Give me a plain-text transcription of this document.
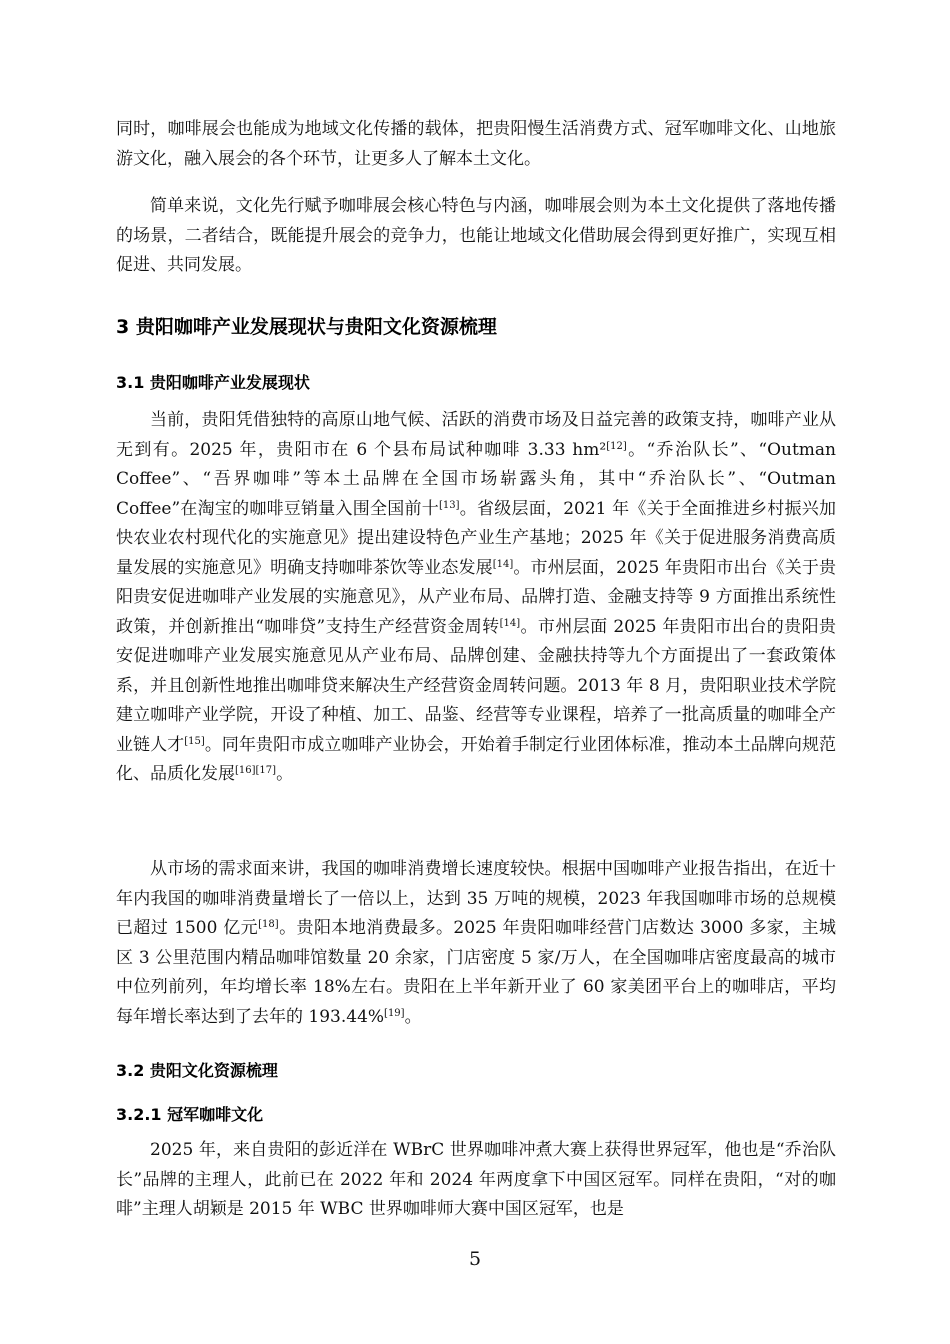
同时，咖啡展会也能成为地域文化传播的载体，把贵阳慢生活消费方式、冠军咖啡文化、山地旅游文化，融入展会的各个环节，让更多人了解本土文化。

简单来说，文化先行赋予咖啡展会核心特色与内涵，咖啡展会则为本土文化提供了落地传播的场景，二者结合，既能提升展会的竞争力，也能让地域文化借助展会得到更好推广，实现互相促进、共同发展。

3 贵阳咖啡产业发展现状与贵阳文化资源梳理
3.1 贵阳咖啡产业发展现状

当前，贵阳凭借独特的高原山地气候、活跃的消费市场及日益完善的政策支持，咖啡产业从无到有。2025 年，贵阳市在 6 个县布局试种咖啡 3.33 hm²[12]。“乔治队长”、“Outman Coffee”、“吾界咖啡”等本土品牌在全国市场崭露头角，其中“乔治队长”、“Outman Coffee”在淘宝的咖啡豆销量入围全国前十[13]。省级层面，2021 年《关于全面推进乡村振兴加快农业农村现代化的实施意见》提出建设特色产业生产基地；2025 年《关于促进服务消费高质量发展的实施意见》明确支持咖啡茶饮等业态发展[14]。市州层面，2025 年贵阳市出台《关于贵阳贵安促进咖啡产业发展的实施意见》，从产业布局、品牌打造、金融支持等 9 方面推出系统性政策，并创新推出“咖啡贷”支持生产经营资金周转[14]。市州层面 2025 年贵阳市出台的贵阳贵安促进咖啡产业发展实施意见从产业布局、品牌创建、金融扶持等九个方面提出了一套政策体系，并且创新性地推出咖啡贷来解决生产经营资金周转问题。2013 年 8 月，贵阳职业技术学院建立咖啡产业学院，开设了种植、加工、品鉴、经营等专业课程，培养了一批高质量的咖啡全产业链人才[15]。同年贵阳市成立咖啡产业协会，开始着手制定行业团体标准，推动本土品牌向规范化、品质化发展[16][17]。

从市场的需求面来讲，我国的咖啡消费增长速度较快。根据中国咖啡产业报告指出，在近十年内我国的咖啡消费量增长了一倍以上，达到 35 万吨的规模，2023 年我国咖啡市场的总规模已超过 1500 亿元[18]。贵阳本地消费最多。2025 年贵阳咖啡经营门店数达 3000 多家，主城区 3 公里范围内精品咖啡馆数量 20 余家，门店密度 5 家/万人，在全国咖啡店密度最高的城市中位列前列，年均增长率 18%左右。贵阳在上半年新开业了 60 家美团平台上的咖啡店，平均每年增长率达到了去年的 193.44%[19]。

3.2 贵阳文化资源梳理
3.2.1 冠军咖啡文化

2025 年，来自贵阳的彭近洋在 WBrC 世界咖啡冲煮大赛上获得世界冠军，他也是“乔治队长”品牌的主理人，此前已在 2022 年和 2024 年两度拿下中国区冠军。同样在贵阳，“对的咖啡”主理人胡颖是 2015 年 WBC 世界咖啡师大赛中国区冠军，也是

5
